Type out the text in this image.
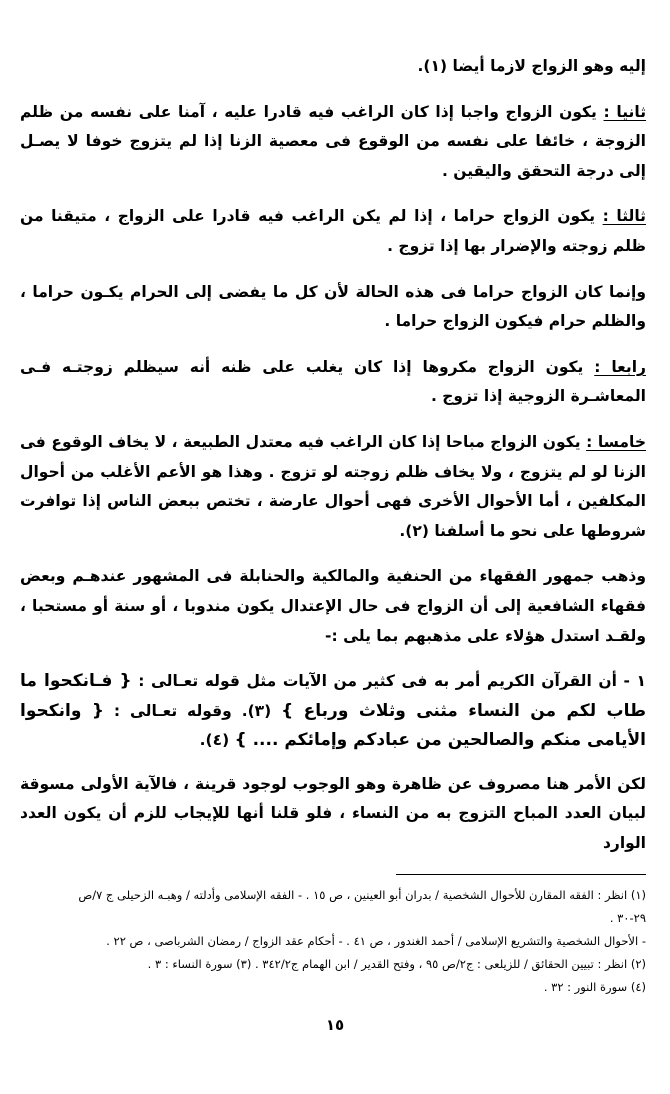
إليه وهو الزواج لازما أيضا (١).

ثانيا : يكون الزواج واجبا إذا كان الراغب فيه قادرا عليه ، آمنا على نفسه من ظلم الزوجة ، خائفا على نفسه من الوقوع فى معصية الزنا إذا لم يتزوج خوفا لا يصـل إلى درجة التحقق واليقين .

ثالثا : يكون الزواج حراما ، إذا لم يكن الراغب فيه قادرا على الزواج ، متيقنا من ظلم زوجته والإضرار بها إذا تزوج .

وإنما كان الزواج حراما فى هذه الحالة لأن كل ما يفضى إلى الحرام يكـون حراما ، والظلم حرام فيكون الزواج حراما .

رابعا : يكون الزواج مكروها إذا كان يغلب على ظنه أنه سيظلم زوجتـه فـى المعاشـرة الزوجية إذا تزوج .

خامسا : يكون الزواج مباحا إذا كان الراغب فيه معتدل الطبيعة ، لا يخاف الوقوع فى الزنا لو لم يتزوج ، ولا يخاف ظلم زوجته لو تزوج . وهذا هو الأعم الأغلب من أحوال المكلفين ، أما الأحوال الأخرى فهى أحوال عارضة ، تختص ببعض الناس إذا توافرت شروطها على نحو ما أسلفنا (٢).

وذهب جمهور الفقهاء من الحنفية والمالكية والحنابلة فى المشهور عندهـم وبعض فقهاء الشافعية إلى أن الزواج فى حال الإعتدال يكون مندوبا ، أو سنة أو مستحبا ، ولقـد استدل هؤلاء على مذهبهم بما يلى :-

١ - أن القرآن الكريم أمر به فى كثير من الآيات مثل قوله تعـالى : { فـانكحوا ما طاب لكم من النساء مثنى وثلاث ورباع } (٣). وقوله تعـالى : { وانكحوا الأيامى منكم والصالحين من عبادكم وإمائكم .... } (٤).

لكن الأمر هنا مصروف عن ظاهرة وهو الوجوب لوجود قرينة ، فالآية الأولى مسوقة لبيان العدد المباح التزوج به من النساء ، فلو قلنا أنها للإيجاب للزم أن يكون العدد الوارد

(١) انظر : الفقه المقارن للأحوال الشخصية / بدران أبو العينين ، ص ١٥ . - الفقه الإسلامى وأدلته / وهبـه الزحيلى ج ٧/ص
٢٩-٣٠ .
- الأحوال الشخصية والتشريع الإسلامى / أحمد الغندور ، ص ٤١ . - أحكام عقد الزواج / رمضان الشرباصى ، ص ٢٢ .
(٢) انظر : تبيين الحقائق / للزيلعى : ج٢/ص ٩٥ ، وفتح القدير / ابن الهمام ج٣٤٢/٢ . (٣) سورة النساء : ٣ .
(٤) سورة النور : ٣٢ .
١٥
